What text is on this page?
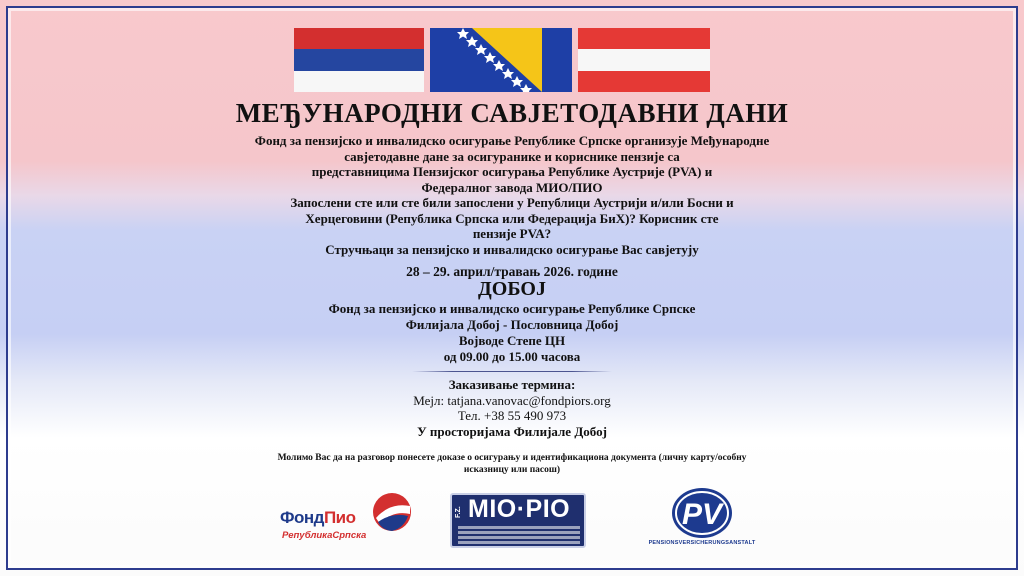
МЕЂУНАРОДНИ САВЈЕТОДАВНИ ДАНИ
Фонд за пензијско и инвалидско осигурање Републике Српске организује Међународне
савјетодавне дане за осигуранике и кориснике пензије са
представницима Пензијског осигурања Републике Аустрије (PVA) и
Федералног завода МИО/ПИО
Запослени сте или сте били запослени у Републици Аустрији и/или Босни и
Херцеговини (Република Српска или Федерација БиХ)? Корисник сте
пензије PVA?
Стручњаци за пензијско и инвалидско осигурање Вас савјетују
28 – 29. април/травањ 2026. године
ДОБОЈ
Фонд за пензијско и инвалидско осигурање Републике Српске
Филијала Добој - Пословница Добој
Војводе Степе ЦН
од 09.00 до 15.00 часова
Заказивање термина:
Мејл: tatjana.vanovac@fondpiors.org
Тел. +38 55 490 973
У просторијама Филијале Добој
Молимо Вас да на разговор понесете доказе о осигурању и идентификациона документа (личну карту/особну
исказницу или пасош)
ФондПио
РепубликаСрпска
F.Z. MIO·PIO	PV
PENSIONSVERSICHERUNGSANSTALT
